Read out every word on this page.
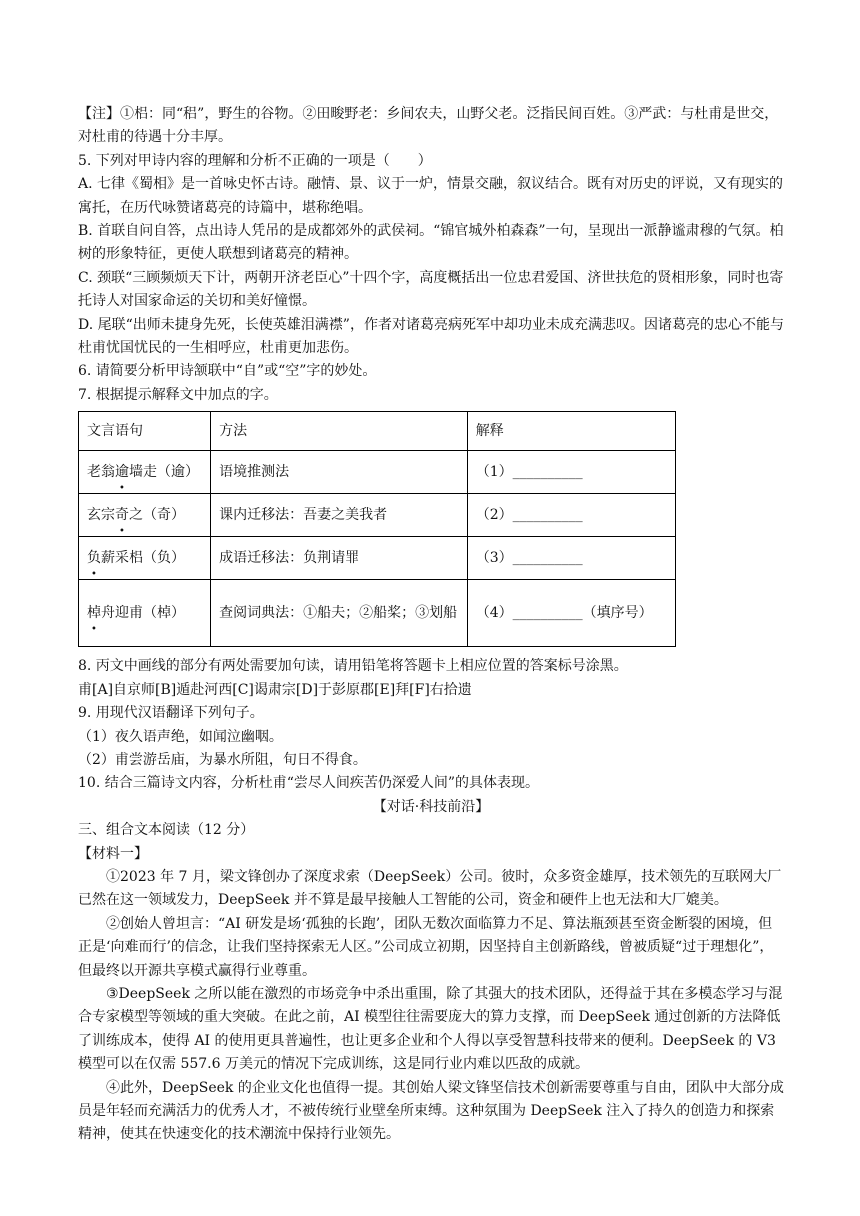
【注】①梠：同“稆”，野生的谷物。②田畯野老：乡间农夫，山野父老。泛指民间百姓。③严武：与杜甫是世交，对杜甫的待遇十分丰厚。

5. 下列对甲诗内容的理解和分析不正确的一项是（　　）

A. 七律《蜀相》是一首咏史怀古诗。融情、景、议于一炉，情景交融，叙议结合。既有对历史的评说，又有现实的寓托，在历代咏赞诸葛亮的诗篇中，堪称绝唱。

B. 首联自问自答，点出诗人凭吊的是成都郊外的武侯祠。“锦官城外柏森森”一句，呈现出一派静谧肃穆的气氛。柏树的形象特征，更使人联想到诸葛亮的精神。

C. 颈联“三顾频烦天下计，两朝开济老臣心”十四个字，高度概括出一位忠君爱国、济世扶危的贤相形象，同时也寄托诗人对国家命运的关切和美好憧憬。

D. 尾联“出师未捷身先死，长使英雄泪满襟”，作者对诸葛亮病死军中却功业未成充满悲叹。因诸葛亮的忠心不能与杜甫忧国忧民的一生相呼应，杜甫更加悲伤。

6. 请简要分析甲诗颔联中“自”或“空”字的妙处。

7. 根据提示解释文中加点的字。

文言语句	方法	解释
老翁逾墙走（逾）	语境推测法	（1）__________
玄宗奇之（奇）	课内迁移法：吾妻之美我者	（2）__________
负薪采梠（负）	成语迁移法：负荆请罪	（3）__________
棹舟迎甫（棹）	查阅词典法：①船夫；②船桨；③划船	（4）__________（填序号）

8. 丙文中画线的部分有两处需要加句读，请用铅笔将答题卡上相应位置的答案标号涂黑。

甫[A]自京师[B]遁赴河西[C]谒肃宗[D]于彭原郡[E]拜[F]右拾遗

9. 用现代汉语翻译下列句子。

（1）夜久语声绝，如闻泣幽咽。

（2）甫尝游岳庙，为暴水所阻，旬日不得食。

10. 结合三篇诗文内容，分析杜甫“尝尽人间疾苦仍深爱人间”的具体表现。

【对话·科技前沿】

三、组合文本阅读（12 分）

【材料一】

①2023 年 7 月，梁文锋创办了深度求索（DeepSeek）公司。彼时，众多资金雄厚，技术领先的互联网大厂已然在这一领域发力，DeepSeek 并不算是最早接触人工智能的公司，资金和硬件上也无法和大厂媲美。

②创始人曾坦言：“AI 研发是场‘孤独的长跑’，团队无数次面临算力不足、算法瓶颈甚至资金断裂的困境，但正是‘向难而行’的信念，让我们坚持探索无人区。”公司成立初期，因坚持自主创新路线，曾被质疑“过于理想化”，但最终以开源共享模式赢得行业尊重。

③DeepSeek 之所以能在激烈的市场竞争中杀出重围，除了其强大的技术团队，还得益于其在多模态学习与混合专家模型等领域的重大突破。在此之前，AI 模型往往需要庞大的算力支撑，而 DeepSeek 通过创新的方法降低了训练成本，使得 AI 的使用更具普遍性，也让更多企业和个人得以享受智慧科技带来的便利。DeepSeek 的 V3 模型可以在仅需 557.6 万美元的情况下完成训练，这是同行业内难以匹敌的成就。

④此外，DeepSeek 的企业文化也值得一提。其创始人梁文锋坚信技术创新需要尊重与自由，团队中大部分成员是年轻而充满活力的优秀人才，不被传统行业壁垒所束缚。这种氛围为 DeepSeek 注入了持久的创造力和探索精神，使其在快速变化的技术潮流中保持行业领先。
